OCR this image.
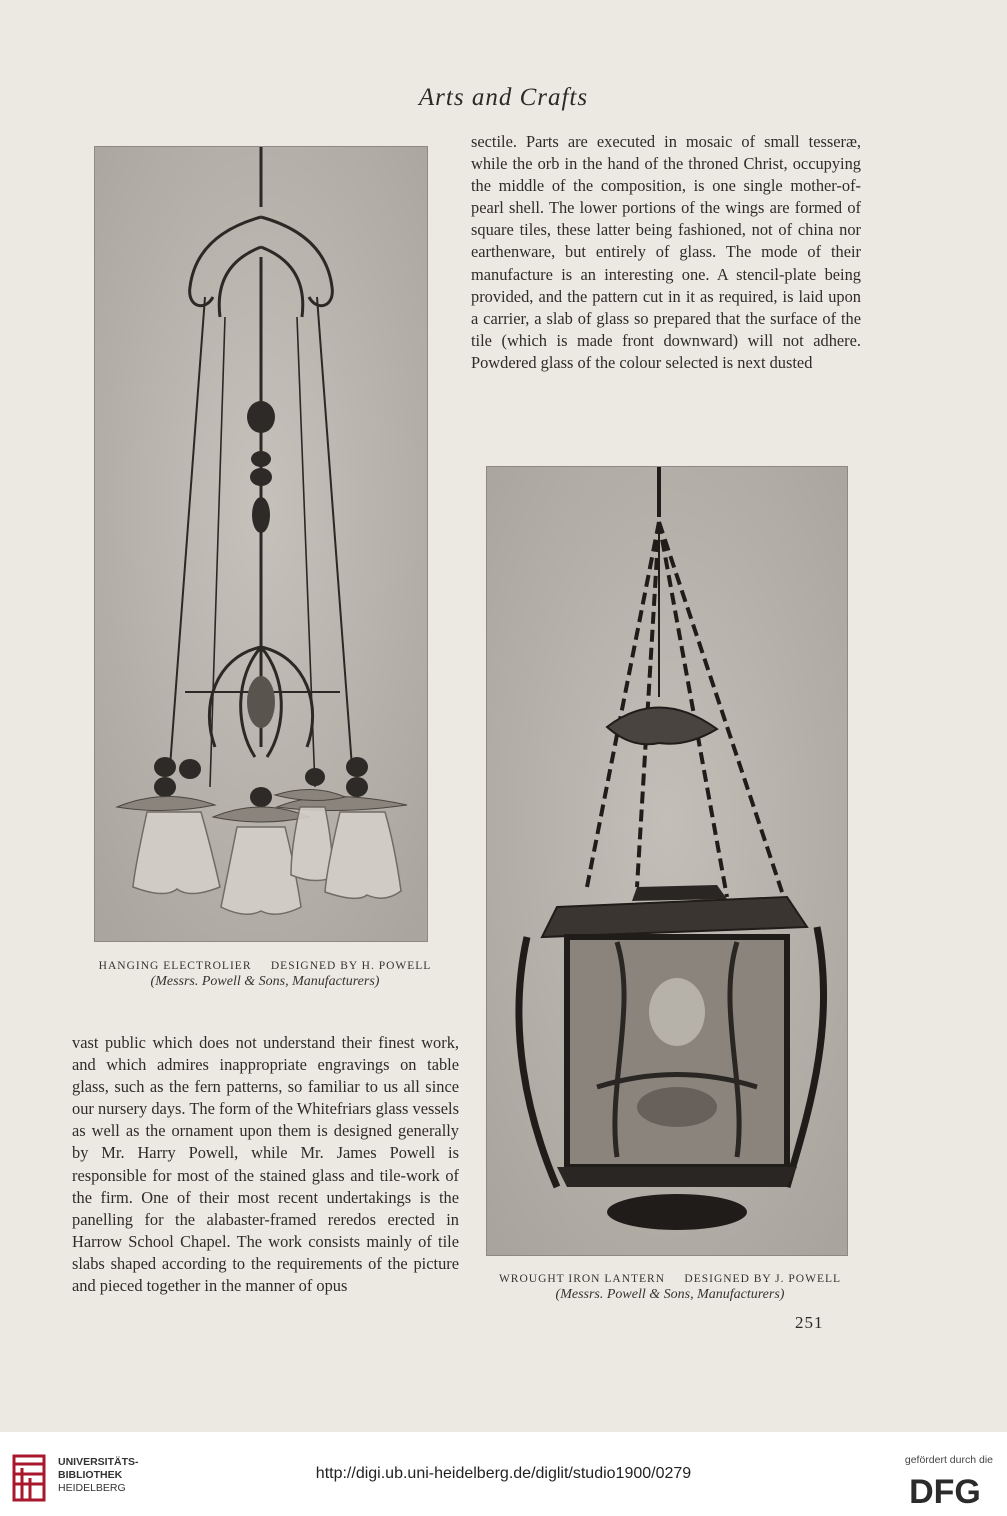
Arts and Crafts

sectile. Parts are executed in mosaic of small tesseræ, while the orb in the hand of the throned Christ, occupying the middle of the composition, is one single mother-of-pearl shell. The lower portions of the wings are formed of square tiles, these latter being fashioned, not of china nor earthenware, but entirely of glass. The mode of their manufacture is an interesting one. A stencil-plate being provided, and the pattern cut in it as required, is laid upon a carrier, a slab of glass so prepared that the surface of the tile (which is made front downward) will not adhere. Powdered glass of the colour selected is next dusted

HANGING ELECTROLIER     DESIGNED BY H. POWELL
(Messrs. Powell & Sons, Manufacturers)
WROUGHT IRON LANTERN     DESIGNED BY J. POWELL
(Messrs. Powell & Sons, Manufacturers)

vast public which does not understand their finest work, and which admires inappropriate engravings on table glass, such as the fern patterns, so familiar to us all since our nursery days. The form of the Whitefriars glass vessels as well as the ornament upon them is designed generally by Mr. Harry Powell, while Mr. James Powell is responsible for most of the stained glass and tile-work of the firm. One of their most recent undertakings is the panelling for the alabaster-framed reredos erected in Harrow School Chapel. The work consists mainly of tile slabs shaped according to the requirements of the picture and pieced together in the manner of opus

251
UNIVERSITÄTS-
BIBLIOTHEK
HEIDELBERG
http://digi.ub.uni-heidelberg.de/diglit/studio1900/0279
gefördert durch die
DFG
